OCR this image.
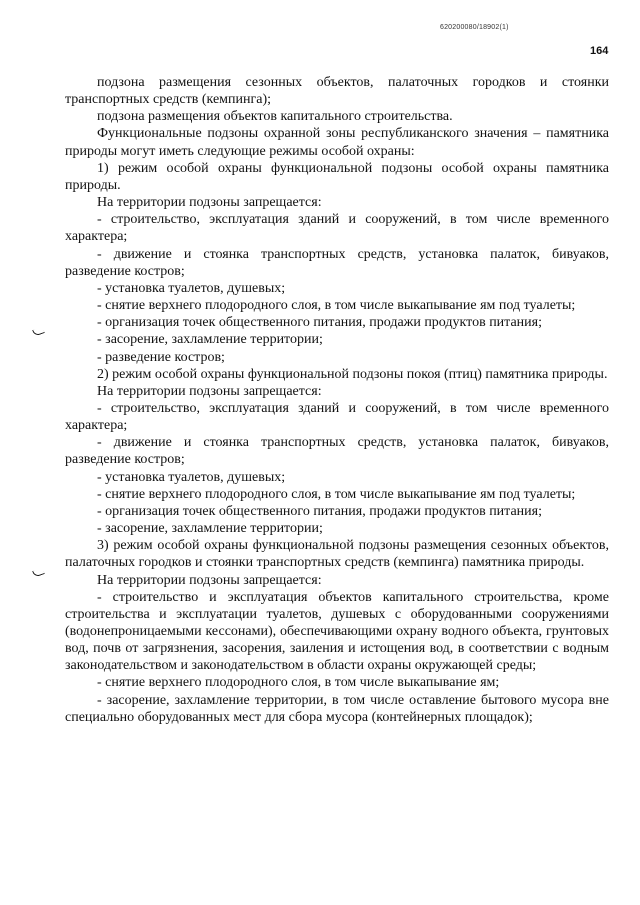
620200080/18902(1)
164
подзона размещения сезонных объектов, палаточных городков и стоянки транспортных средств (кемпинга);
подзона размещения объектов капитального строительства.
Функциональные подзоны охранной зоны республиканского значения – памятника природы могут иметь следующие режимы особой охраны:
1) режим особой охраны функциональной подзоны особой охраны памятника природы.
На территории подзоны запрещается:
- строительство, эксплуатация зданий и сооружений, в том числе временного характера;
- движение и стоянка транспортных средств, установка палаток, бивуаков, разведение костров;
- установка туалетов, душевых;
- снятие верхнего плодородного слоя, в том числе выкапывание ям под туалеты;
- организация точек общественного питания, продажи продуктов питания;
- засорение, захламление территории;
- разведение костров;
2) режим особой охраны функциональной подзоны покоя (птиц) памятника природы.
На территории подзоны запрещается:
- строительство, эксплуатация зданий и сооружений, в том числе временного характера;
- движение и стоянка транспортных средств, установка палаток, бивуаков, разведение костров;
- установка туалетов, душевых;
- снятие верхнего плодородного слоя, в том числе выкапывание ям под туалеты;
- организация точек общественного питания, продажи продуктов питания;
- засорение, захламление территории;
3) режим особой охраны функциональной подзоны размещения сезонных объектов, палаточных городков и стоянки транспортных средств (кемпинга) памятника природы.
На территории подзоны запрещается:
- строительство и эксплуатация объектов капитального строительства, кроме строительства и эксплуатации туалетов, душевых с оборудованными сооружениями (водонепроницаемыми кессонами), обеспечивающими охрану водного объекта, грунтовых вод, почв от загрязнения, засорения, заиления и истощения вод, в соответствии с водным законодательством и законодательством в области охраны окружающей среды;
- снятие верхнего плодородного слоя, в том числе выкапывание ям;
- засорение, захламление территории, в том числе оставление бытового мусора вне специально оборудованных мест для сбора мусора (контейнерных площадок);
